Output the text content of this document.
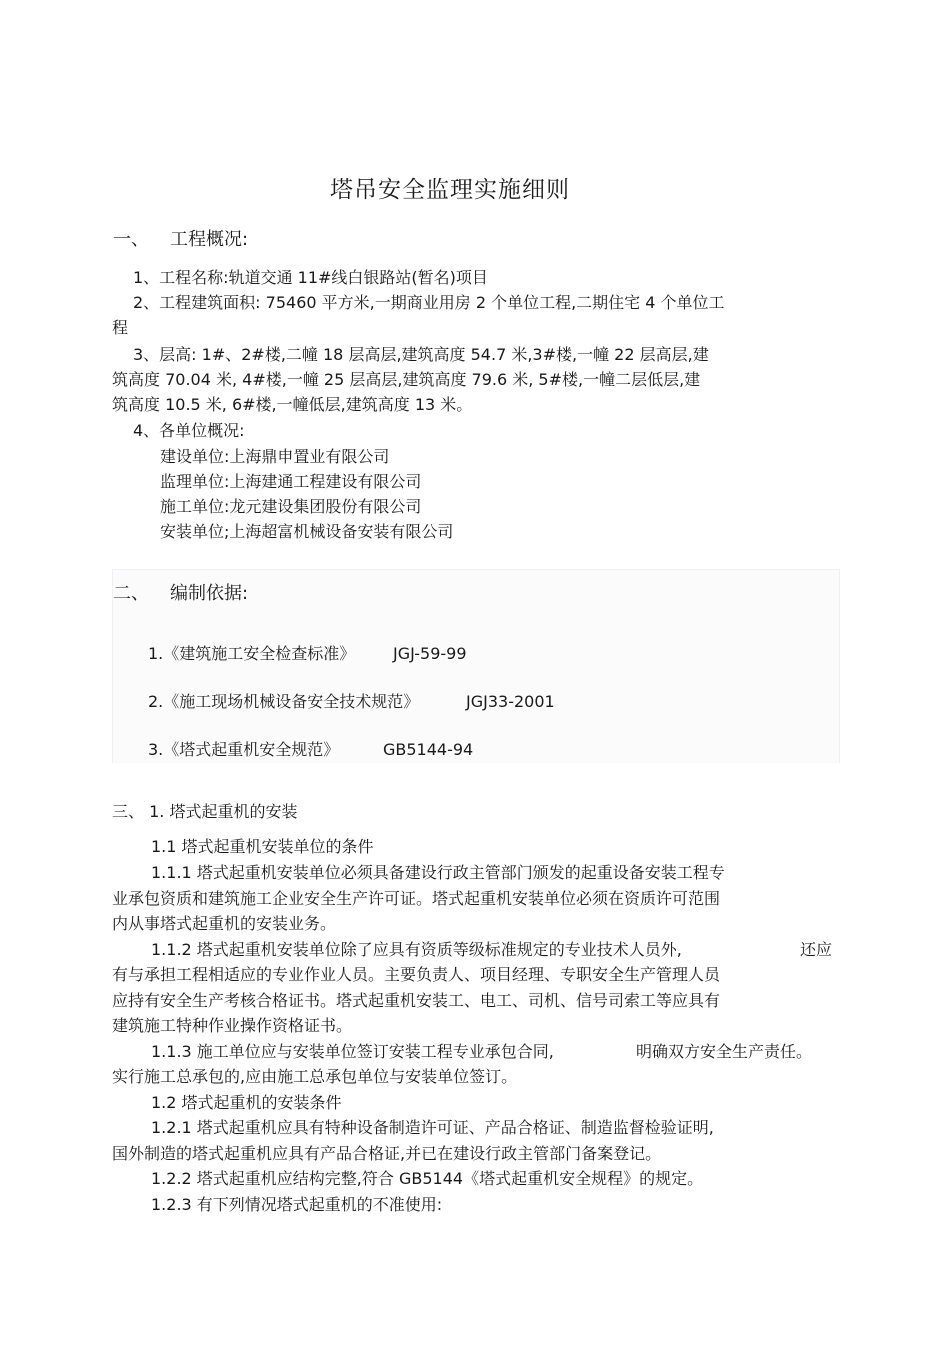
塔吊安全监理实施细则
一、 工程概况:
1、工程名称:轨道交通 11#线白银路站(暂名)项目
2、工程建筑面积: 75460 平方米,一期商业用房 2 个单位工程,二期住宅 4 个单位工
程
3、层高: 1#、2#楼,二幢 18 层高层,建筑高度 54.7 米,3#楼,一幢 22 层高层,建
筑高度 70.04 米, 4#楼,一幢 25 层高层,建筑高度 79.6 米, 5#楼,一幢二层低层,建
筑高度 10.5 米, 6#楼,一幢低层,建筑高度 13 米。
4、各单位概况:
建设单位:上海鼎申置业有限公司
监理单位:上海建通工程建设有限公司
施工单位:龙元建设集团股份有限公司
安装单位;上海超富机械设备安装有限公司
二、 编制依据:
1.《建筑施工安全检查标准》 JGJ-59-99
2.《施工现场机械设备安全技术规范》	JGJ33-2001
3.《塔式起重机安全规范》	GB5144-94
三、 1. 塔式起重机的安装
1.1 塔式起重机安装单位的条件
1.1.1 塔式起重机安装单位必须具备建设行政主管部门颁发的起重设备安装工程专
业承包资质和建筑施工企业安全生产许可证。塔式起重机安装单位必须在资质许可范围
内从事塔式起重机的安装业务。
1.1.2 塔式起重机安装单位除了应具有资质等级标准规定的专业技术人员外,	还应
有与承担工程相适应的专业作业人员。主要负责人、项目经理、专职安全生产管理人员
应持有安全生产考核合格证书。塔式起重机安装工、电工、司机、信号司索工等应具有
建筑施工特种作业操作资格证书。
1.1.3 施工单位应与安装单位签订安装工程专业承包合同,	明确双方安全生产责任。
实行施工总承包的,应由施工总承包单位与安装单位签订。
1.2 塔式起重机的安装条件
1.2.1 塔式起重机应具有特种设备制造许可证、产品合格证、制造监督检验证明,
国外制造的塔式起重机应具有产品合格证,并已在建设行政主管部门备案登记。
1.2.2 塔式起重机应结构完整,符合 GB5144《塔式起重机安全规程》的规定。
1.2.3 有下列情况塔式起重机的不准使用:
